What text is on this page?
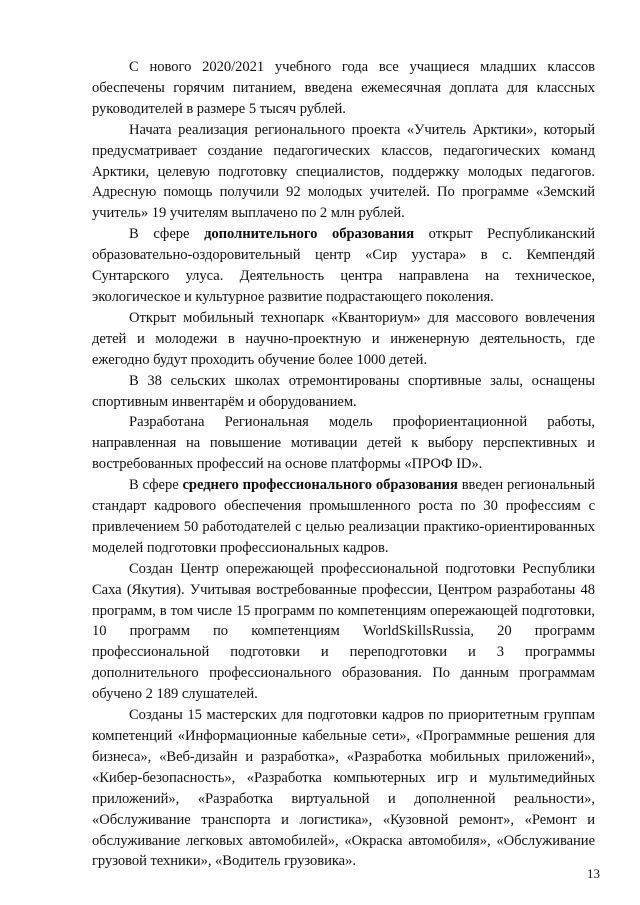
С нового 2020/2021 учебного года все учащиеся младших классов обеспечены горячим питанием, введена ежемесячная доплата для классных руководителей в размере 5 тысяч рублей.

Начата реализация регионального проекта «Учитель Арктики», который предусматривает создание педагогических классов, педагогических команд Арктики, целевую подготовку специалистов, поддержку молодых педагогов. Адресную помощь получили 92 молодых учителей. По программе «Земский учитель» 19 учителям выплачено по 2 млн рублей.

В сфере дополнительного образования открыт Республиканский образовательно-оздоровительный центр «Сир уустара» в с. Кемпендяй Сунтарского улуса. Деятельность центра направлена на техническое, экологическое и культурное развитие подрастающего поколения.

Открыт мобильный технопарк «Кванториум» для массового вовлечения детей и молодежи в научно-проектную и инженерную деятельность, где ежегодно будут проходить обучение более 1000 детей.

В 38 сельских школах отремонтированы спортивные залы, оснащены спортивным инвентарём и оборудованием.

Разработана Региональная модель профориентационной работы, направленная на повышение мотивации детей к выбору перспективных и востребованных профессий на основе платформы «ПРОФ ID».

В сфере среднего профессионального образования введен региональный стандарт кадрового обеспечения промышленного роста по 30 профессиям с привлечением 50 работодателей с целью реализации практико-ориентированных моделей подготовки профессиональных кадров.

Создан Центр опережающей профессиональной подготовки Республики Саха (Якутия). Учитывая востребованные профессии, Центром разработаны 48 программ, в том числе 15 программ по компетенциям опережающей подготовки, 10 программ по компетенциям WorldSkillsRussia, 20 программ профессиональной подготовки и переподготовки и 3 программы дополнительного профессионального образования. По данным программам обучено 2 189 слушателей.

Созданы 15 мастерских для подготовки кадров по приоритетным группам компетенций «Информационные кабельные сети», «Программные решения для бизнеса», «Веб-дизайн и разработка», «Разработка мобильных приложений», «Кибер-безопасность», «Разработка компьютерных игр и мультимедийных приложений», «Разработка виртуальной и дополненной реальности», «Обслуживание транспорта и логистика», «Кузовной ремонт», «Ремонт и обслуживание легковых автомобилей», «Окраска автомобиля», «Обслуживание грузовой техники», «Водитель грузовика».

13
